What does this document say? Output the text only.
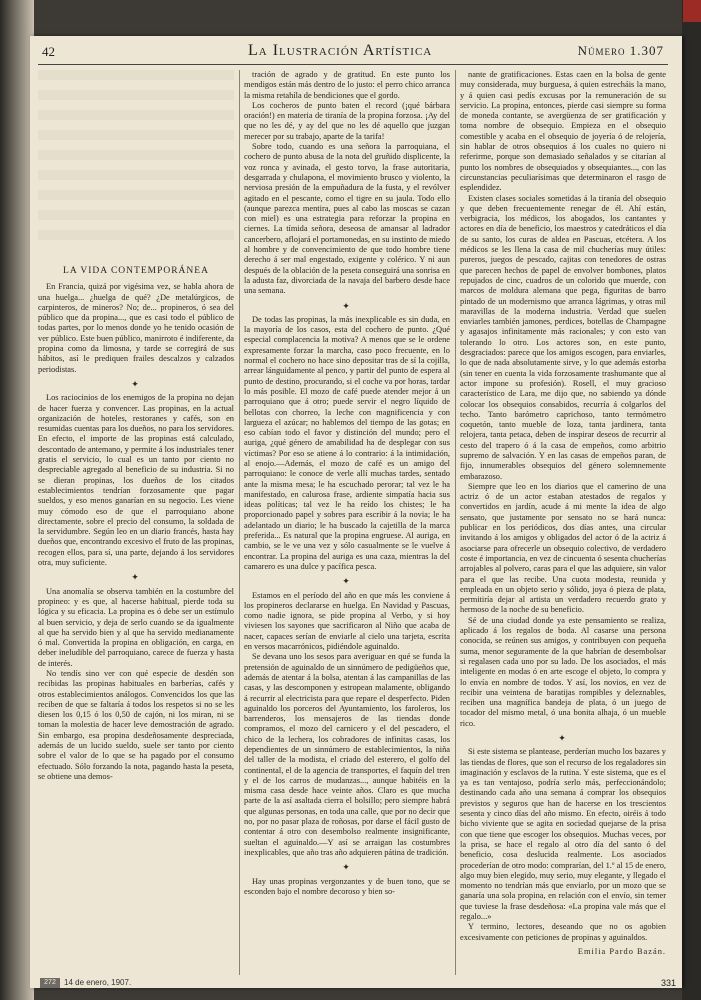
42	La Ilustración Artística	Número 1.307
LA VIDA CONTEMPORÁNEA

En Francia, quizá por vigésima vez, se habla ahora de una huelga... ¿huelga de qué? ¿De metalúrgicos, de carpinteros, de mineros? No; de... propineros, ó sea del público que da propina..., que es casi todo el público de todas partes, por lo menos donde yo he tenido ocasión de ver público. Este buen público, manirroto é indiferente, da propina como da limosna, y tarde se corregirá de sus hábitos, así le prediquen frailes descalzos y calzados periodistas.

✦

Los raciocinios de los enemigos de la propina no dejan de hacer fuerza y convencer. Las propinas, en la actual organización de hoteles, restoranes y cafés, son en resumidas cuentas para los dueños, no para los servidores. En efecto, el importe de las propinas está calculado, descontado de antemano, y permite á los industriales tener gratis el servicio, lo cual es un tanto por ciento no despreciable agregado al beneficio de su industria. Si no se dieran propinas, los dueños de los citados establecimientos tendrían forzosamente que pagar sueldos, y eso menos ganarían en su negocio. Les viene muy cómodo eso de que el parroquiano abone directamente, sobre el precio del consumo, la soldada de la servidumbre. Según leo en un diario francés, hasta hay dueños que, encontrando excesivo el fruto de las propinas, recogen ellos, para sí, una parte, dejando á los servidores otra, muy suficiente.

✦

Una anomalía se observa también en la costumbre del propineo: y es que, al hacerse habitual, pierde toda su lógica y su eficacia. La propina es ó debe ser un estímulo al buen servicio, y deja de serlo cuando se da igualmente al que ha servido bien y al que ha servido medianamente ó mal. Convertida la propina en obligación, en carga, en deber ineludible del parroquiano, carece de fuerza y hasta de interés.

No tendís sino ver con qué especie de desdén son recibidas las propinas habituales en barberías, cafés y otros establecimientos análogos. Convencidos los que las reciben de que se faltaría á todos los respetos si no se les diesen los 0,15 ó los 0,50 de cajón, ni los miran, ni se toman la molestia de hacer leve demostración de agrado. Sin embargo, esa propina desdeñosamente despreciada, además de un lucido sueldo, suele ser tanto por ciento sobre el valor de lo que se ha pagado por el consumo efectuado. Sólo forzando la nota, pagando hasta la peseta, se obtiene una demos-

tración de agrado y de gratitud. En este punto los mendigos están más dentro de lo justo: el perro chico arranca la misma retahíla de bendiciones que el gordo.

Los cocheros de punto baten el record (¡qué bárbara oración!) en materia de tiranía de la propina forzosa. ¡Ay del que no les dé, y ay del que no les dé aquello que juzgan merecer por su trabajo, aparte de la tarifa!

Sobre todo, cuando es una señora la parroquiana, el cochero de punto abusa de la nota del gruñido displicente, la voz ronca y avinada, el gesto torvo, la frase autoritaria, desgarrada y chulapona, el movimiento brusco y violento, la nerviosa presión de la empuñadura de la fusta, y el revólver agitado en el pescante, como el tigre en su jaula. Todo ello (aunque parezca mentira, pues al cabo las moscas se cazan con miel) es una estrategia para reforzar la propina en ciernes. La tímida señora, deseosa de amansar al ladrador cancerbero, aflojará el portamonedas, en su instinto de miedo al hombre y de convencimiento de que todo hombre tiene derecho á ser mal engestado, exigente y colérico. Y ni aun después de la oblación de la peseta conseguirá una sonrisa en la adusta faz, divorciada de la navaja del barbero desde hace una semana.

✦

De todas las propinas, la más inexplicable es sin duda, en la mayoría de los casos, esta del cochero de punto. ¿Qué especial complacencia la motiva? A menos que se le ordene expresamente forzar la marcha, caso poco frecuente, en lo normal el cochero no hace sino depositar tras de sí la cojilla, arrear lánguidamente al penco, y partir del punto de espera al punto de destino, procurando, si el coche va por horas, tardar lo más posible. El mozo de café puede atender mejor á un parroquiano que á otro; puede servir el negro líquido de bellotas con chorreo, la leche con magnificencia y con largueza el azúcar; no hablemos del tiempo de las gotas; en eso cabían todo el favor y distinción del mundo; pero el auriga, ¿qué género de amabilidad ha de desplegar con sus víctimas? Por eso se atiene á lo contrario: á la intimidación, al enojo.—Además, el mozo de café es un amigo del parroquiano: le conoce de verle allí muchas tardes, sentado ante la misma mesa; le ha escuchado perorar; tal vez le ha manifestado, en calurosa frase, ardiente simpatía hacia sus ideas políticas; tal vez le ha reído los chistes; le ha proporcionado papel y sobres para escribir á la novia; le ha adelantado un diario; le ha buscado la cajetilla de la marca preferida... Es natural que la propina engruese. Al auriga, en cambio, se le ve una vez y sólo casualmente se le vuelve á encontrar. La propina del auriga es una caza, mientras la del camarero es una dulce y pacífica pesca.

✦

Estamos en el período del año en que más les conviene á los propineros declararse en huelga. En Navidad y Pascuas, como nadie ignora, se pide propina al Verbo, y si hoy viviesen los sayones que sacrificaron al Niño que acaba de nacer, capaces serían de enviarle al cielo una tarjeta, escrita en versos macarrónicos, pidiéndole aguinaldo.

Se devana uno los sesos para averiguar en qué se funda la pretensión de aguinaldo de un sinnúmero de pedigüeños que, además de atentar á la bolsa, atentan á las campanillas de las casas, y las descomponen y estropean malamente, obligando á recurrir al electricista para que repare el desperfecto. Piden aguinaldo los porceros del Ayuntamiento, los faroleros, los barrenderos, los mensajeros de las tiendas donde compramos, el mozo del carnicero y el del pescadero, el chico de la lechera, los cobradores de infinitas casas, los dependientes de un sinnúmero de establecimientos, la niña del taller de la modista, el criado del esterero, el golfo del continental, el de la agencia de transportes, el faquín del tren y el de los carros de mudanzas..., aunque habitéis en la misma casa desde hace veinte años. Claro es que mucha parte de la así asaltada cierra el bolsillo; pero siempre habrá que algunas personas, en toda una calle, que por no decir que no, por no pasar plaza de roñosas, por darse el fácil gusto de contentar á otro con desembolso realmente insignificante, sueltan el aguinaldo.—Y así se arraigan las costumbres inexplicables, que año tras año adquieren pátina de tradición.

✦

Hay unas propinas vergonzantes y de buen tono, que se esconden bajo el nombre decoroso y bien so-

nante de gratificaciones. Estas caen en la bolsa de gente muy considerada, muy burguesa, á quien estrecháis la mano, y á quien casi pedís excusas por la remuneración de su servicio. La propina, entonces, pierde casi siempre su forma de moneda contante, se avergüenza de ser gratificación y toma nombre de obsequio. Empieza en el obsequio comestible y acaba en el obsequio de joyería ó de relojería, sin hablar de otros obsequios á los cuales no quiero ni referirme, porque son demasiado señalados y se citarían al punto los nombres de obsequiados y obsequiantes..., con las circunstancias peculiarísimas que determinaron el rasgo de esplendidez.

Existen clases sociales sometidas á la tiranía del obsequio y que deben frecuentemente renegar de él. Ahí están, verbigracia, los médicos, los abogados, los cantantes y actores en día de beneficio, los maestros y catedráticos el día de su santo, los curas de aldea en Pascuas, etcétera. A los médicos se les llena la casa de mil chucherías muy útiles: pureros, juegos de pescado, cajitas con tenedores de ostras que parecen hechos de papel de envolver bombones, platos repujados de cinc, cuadros de un colorido que muerde, con marcos de moldura alemana que pega, figuritas de barro pintado de un modernismo que arranca lágrimas, y otras mil maravillas de la moderna industria. Verdad que suelen enviarles también jamones, perdices, botellas de Champagne y agasajos infinitamente más racionales; y con esto van tolerando lo otro. Los actores son, en este punto, desgraciados: parece que los amigos escogen, para enviarles, lo que de nada absolutamente sirve, y lo que además estorba (sin tener en cuenta la vida forzosamente trashumante que al actor impone su profesión). Rosell, el muy gracioso característico de Lara, me dijo que, no sabiendo ya dónde colocar los obsequios consabidos, recurría á colgarlos del techo. Tanto barómetro caprichoso, tanto termómetro coquetón, tanto mueble de loza, tanta jardinera, tanta relojera, tanta petaca, deben de inspirar deseos de recurrir al cesto del trapero ó á la casa de empeños, como arbitrio supremo de salvación. Y en las casas de empeños paran, de fijo, innumerables obsequios del género solemnemente embarazoso.

Siempre que leo en los diarios que el camerino de una actriz ó de un actor estaban atestados de regalos y convertidos en jardín, acude á mi mente la idea de algo sensato, que justamente por sensato no se hará nunca: publicar en los periódicos, dos días antes, una circular invitando á los amigos y obligados del actor ó de la actriz á asociarse para ofrecerle un obsequio colectivo, de verdadero coste é importancia, en vez de cincuenta ó sesenta chucherías arrojables al polvero, caras para el que las adquiere, sin valor para el que las recibe. Una cuota modesta, reunida y empleada en un objeto serio y sólido, joya ó pieza de plata, permitiría dejar al artista un verdadero recuerdo grato y hermoso de la noche de su beneficio.

Sé de una ciudad donde ya este pensamiento se realiza, aplicado á los regalos de boda. Al casarse una persona conocida, se reúnen sus amigos, y contribuyen con pequeña suma, menor seguramente de la que habrían de desembolsar si regalasen cada uno por su lado. De los asociados, el más inteligente en modas ó en arte escoge el objeto, lo compra y lo envía en nombre de todos. Y así, los novios, en vez de recibir una veintena de baratijas rompibles y deleznables, reciben una magnífica bandeja de plata, ó un juego de tocador del mismo metal, ó una bonita alhaja, ó un mueble rico.

✦

Si este sistema se plantease, perderían mucho los bazares y las tiendas de flores, que son el recurso de los regaladores sin imaginación y esclavos de la rutina. Y este sistema, que es el ya es tan ventajoso, podría serlo más, perfeccionándolo; destinando cada año una semana á comprar los obsequios previstos y seguros que han de hacerse en los trescientos sesenta y cinco días del año mismo. En efecto, oiréis á todo bicho viviente que se agita en sociedad quejarse de la prisa con que tiene que escoger los obsequios. Muchas veces, por la prisa, se hace el regalo al otro día del santo ó del beneficio, cosa deslucida realmente. Los asociados procederían de otro modo: comprarían, del 1.º al 15 de enero, algo muy bien elegido, muy serio, muy elegante, y llegado el momento no tendrían más que enviarlo, por un mozo que se ganaría una sola propina, en relación con el envío, sin temer que tuviese la frase desdeñosa: «La propina vale más que el regalo...»

Y termino, lectores, deseando que no os agobien excesivamente con peticiones de propinas y aguinaldos.

Emilia Pardo Bazán.
272	14 de enero, 1907.	331
